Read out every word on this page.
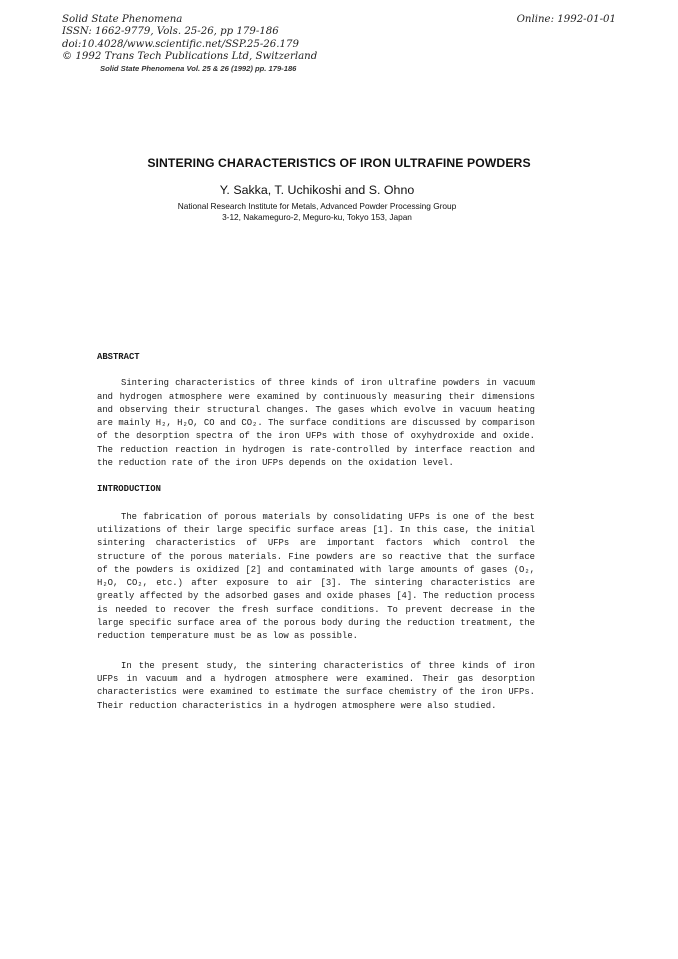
Solid State Phenomena
ISSN: 1662-9779, Vols. 25-26, pp 179-186
doi:10.4028/www.scientific.net/SSP.25-26.179
© 1992 Trans Tech Publications Ltd, Switzerland
Online: 1992-01-01
Solid State Phenomena Vol. 25 & 26 (1992) pp. 179-186
SINTERING CHARACTERISTICS OF IRON ULTRAFINE POWDERS
Y. Sakka, T. Uchikoshi and S. Ohno
National Research Institute for Metals, Advanced Powder Processing Group
3-12, Nakameguro-2, Meguro-ku, Tokyo 153, Japan

ABSTRACT

Sintering characteristics of three kinds of iron ultrafine powders in vacuum and hydrogen atmosphere were examined by continuously measuring their dimensions and observing their structural changes. The gases which evolve in vacuum heating are mainly H₂, H₂O, CO and CO₂. The surface conditions are discussed by comparison of the desorption spectra of the iron UFPs with those of oxyhydroxide and oxide. The reduction reaction in hydrogen is rate-controlled by interface reaction and the reduction rate of the iron UFPs depends on the oxidation level.

INTRODUCTION

The fabrication of porous materials by consolidating UFPs is one of the best utilizations of their large specific surface areas [1]. In this case, the initial sintering characteristics of UFPs are important factors which control the structure of the porous materials. Fine powders are so reactive that the surface of the powders is oxidized [2] and contaminated with large amounts of gases (O₂, H₂O, CO₂, etc.) after exposure to air [3]. The sintering characteristics are greatly affected by the adsorbed gases and oxide phases [4]. The reduction process is needed to recover the fresh surface conditions. To prevent decrease in the large specific surface area of the porous body during the reduction treatment, the reduction temperature must be as low as possible.

In the present study, the sintering characteristics of three kinds of iron UFPs in vacuum and a hydrogen atmosphere were examined. Their gas desorption characteristics were examined to estimate the surface chemistry of the iron UFPs. Their reduction characteristics in a hydrogen atmosphere were also studied.
